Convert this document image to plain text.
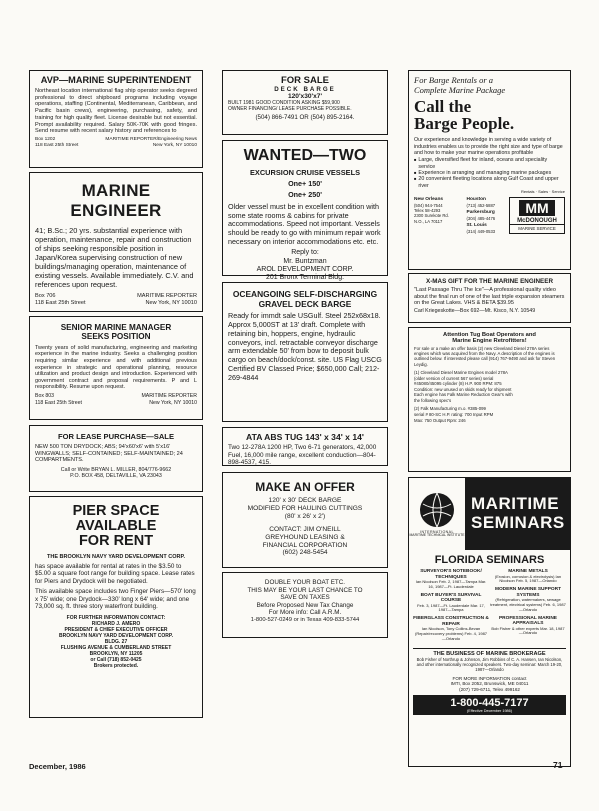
AVP—MARINE SUPERINTENDENT
Northeast location international flag ship operator seeks degreed professional to direct shipboard programs including voyage operations, staffing (Continental, Mediterranean, Caribbean, and Pacific basin crews), engineering, purchasing, safety, and training for high quality fleet. License desirable but not essential. Prompt availability required. Salary 50K-70K with good fringes. Send resume with recent salary history and references to
Box 1202	MARITIME REPORTER/Engineering News
118 East 25th Street	New York, NY 10010
MARINE ENGINEER
41; B.Sc.; 20 yrs. substantial experience with operation, maintenance, repair and construction of ships seeking responsible position in Japan/Korea supervising construction of new buildings/managing operation, maintenance of existing vessels. Available immediately. C.V. and references upon request.
Box 706	MARITIME REPORTER
118 East 25th Street	New York, NY 10010
SENIOR MARINE MANAGER SEEKS POSITION
Twenty years of solid manufacturing, engineering and marketing experience in the marine industry. Seeks a challenging position requiring similar experience and with additional previous experience in strategic and operational planning, resource utilization and product design and introduction. Experienced with government contract and proposal requirements. P and L responsibility. Resume upon request.
Box 803	MARITIME REPORTER
118 East 25th Street	New York, NY 10010
FOR LEASE PURCHASE—SALE
NEW 500 TON DRYDOCK; ABS; 94'x60'x6' with 5'x16' WINGWALLS; SELF-CONTAINED; SELF-MAINTAINED; 24 COMPARTMENTS.
Call or Write BRYAN L. MILLER, 804/776-9662
P.O. BOX 458, DELTAVILLE, VA 23043
PIER SPACE
AVAILABLE
FOR RENT
THE BROOKLYN NAVY YARD DEVELOPMENT CORP.
has space available for rental at rates in the $3.50 to $5.00 a square foot range for building space. Lease rates for Piers and Drydock will be negotiated.
This available space includes two Finger Piers—570' long x 75' wide; one Drydock—330' long x 64' wide; and one 73,000 sq. ft. three story waterfront building.
FOR FURTHER INFORMATION CONTACT:
RICHARD J. AMERO
PRESIDENT & CHIEF EXECUTIVE OFFICER
BROOKLYN NAVY YARD DEVELOPMENT CORP.
BLDG. 27
FLUSHING AVENUE & CUMBERLAND STREET
BROOKLYN, NY 11205
or Call (718) 852-0425
Brokers protected.
FOR SALE
DECK BARGE
120'x30'x7'
BUILT 1981 GOOD CONDITION ASKING $59,900
OWNER FINANCING/ LEASE PURCHASE POSSIBLE.
(504) 866-7491 OR (504) 895-2164.
WANTED—TWO
EXCURSION CRUISE VESSELS
One+ 150'
One+ 250'
Older vessel must be in excellent condition with some state rooms & cabins for private accommodations. Speed not important. Vessels should be ready to go with minimum repair work necessary on interior accommodations etc. etc.
Reply to:
Mr. Buntzman
AROL DEVELOPMENT CORP.
201 Bronx Terminal Bldg.
OCEANGOING SELF-DISCHARGING
GRAVEL DECK BARGE
Ready for immdt sale USGulf. Steel 252x68x18. Approx 5,000ST at 13' draft. Complete with retaining bin, hoppers, engine, hydraulic conveyors, incl. retractable conveyor discharge arm extendable 50' from bow to deposit bulk cargo on beach/dock/const. site. US Flag USCG Certified BV Classed Price; $650,000 Call; 212-269-4844
ATA ABS TUG 143' x 34' x 14'
Two 12-278A 1200 HP, Two 6-71 generators, 42,000 Fuel, 16,000 mile range, excellent conduction—804-898-4537, 415.
MAKE AN OFFER
120' x 30' DECK BARGE
MODIFIED FOR HAULING CUTTINGS
(80' x 26' x 2')
CONTACT: JIM O'NEILL
GREYHOUND LEASING &
FINANCIAL CORPORATION
(602) 248-5454
DOUBLE YOUR BOAT ETC.
THIS MAY BE YOUR LAST CHANCE TO
SAVE ON TAXES
Before Proposed New Tax Change
For More info: Call A.R.M.
1-800-527-0249 or in Texas 409-833-5744
For Barge Rentals or a
Complete Marine Package
Call the
Barge People.
Our experience and knowledge in serving a wide variety of industries enables us to provide the right size and type of barge and how to make your marine operations profitable
■ Large, diversified fleet for inland, oceans and speciality service
■ Experience in arranging and managing marine packages
■ 20 convenient fleeting locations along Gulf Coast and upper river
Rentals · Sales · Service
New Orleans
(504) 944-7544
Telex 58-4293
2300 Surekote Rd.
N.O., LA 70117
Houston
(713) 452-5887
Parkersburg
(304) 485-4476
St. Louis
(314) 449-0533
MM
McDONOUGH
MARINE SERVICE
X-MAS GIFT FOR THE MARINE ENGINEER
"Last Passage Thru The Ice"—A professional quality video about the final run of one of the last triple expansion steamers on the Great Lakes. VHS & BETA $39.95
Carl Kriegeskotte—Box 692—Mt. Kisco, N.Y. 10549
Attention Tug Boat Operators and
Marine Engine Retrofitters!
For sale or a make an offer basis (2) new Cleveland Diesel 278A series engines which was acquired from the Navy. A description of the engines is outlined below. If interested please call (914) 767-9490 and ask for Steven Leydig.
(1) Cleveland Diesel Marine Engines model 278A (older version of current 567 series) serial #45080/45095 cylinder (8) H.P. 900 RPM: 875 Condition: new unused on skids ready for shipment Each engine has Falk Marine Reduction Gear's with the following spec's
(2) Falk Manufacturing m.o. #385-099 serial # 80-SC H.P. rating: 700 Input RPM Max: 750 Output Rpm: 246
INTERNATIONAL
MARITIME TECHNICAL INSTITUTE
MARITIME
SEMINARS
FLORIDA SEMINARS
SURVEYOR'S NOTEBOOK/ TECHNIQUES
Ian Nicolson Feb. 2, 1987—Tampa Mar. 16, 1987—Ft. Lauderdale
BOAT BUYER'S SURVIVAL COURSE
Feb. 3, 1987—Ft. Lauderdale Mar. 17, 1987—Tampa
FIBERGLASS CONSTRUCTION & REPAIR
Ian Nicolson, Tony Collins-Bevan (Repair/recovery problems) Feb. 4, 1987—Orlando
MARINE METALS
(Erosion, corrosion & electrolysis) Ian Nicolson Feb. 5, 1987—Orlando
MODERN MARINE SUPPORT SYSTEMS
(Refrigeration, watermakers, sewage treatment, electrical systems) Feb. 6, 1987—Orlando
PROFESSIONAL MARINE APPRAISALS
Bob Fisher & other experts Mar. 18, 1987—Orlando
THE BUSINESS OF MARINE BROKERAGE
Bob Fisher of Northrup & Johnson, Jim Robbins of C. A. Hansen, Ian Nicolson, and other internationally recognized speakers. Two-day seminar: March 19-20, 1987—Orlando
FOR MORE INFORMATION contact
IMTI, Box 2052, Brunswick, ME 04011
(207) 729-6711, Telex 499162
1-800-445-7177
(Effective December 1986)
December, 1986	71
